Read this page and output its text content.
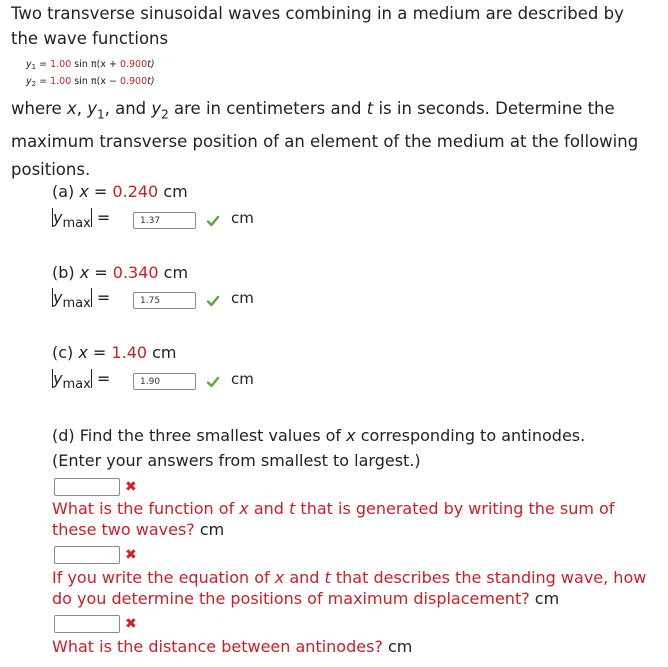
Two transverse sinusoidal waves combining in a medium are described by
the wave functions
$y_1 = 1.00$ sin π(x + 0.900t)
$y_2 = 1.00$ sin π(x − 0.900t)
where x, $y_1$, and $y_2$ are in centimeters and t is in seconds. Determine the
maximum transverse position of an element of the medium at the following
positions.
(a) x = 0.240 cm
$y_{max}$ =	1.37	cm
(b) x = 0.340 cm
$y_{max}$ =	1.75	cm
(c) x = 1.40 cm
$y_{max}$ =	1.90	cm
(d) Find the three smallest values of x corresponding to antinodes.
(Enter your answers from smallest to largest.)
✖
What is the function of x and t that is generated by writing the sum of
these two waves? cm
✖
If you write the equation of x and t that describes the standing wave, how
do you determine the positions of maximum displacement? cm
✖
What is the distance between antinodes? cm
